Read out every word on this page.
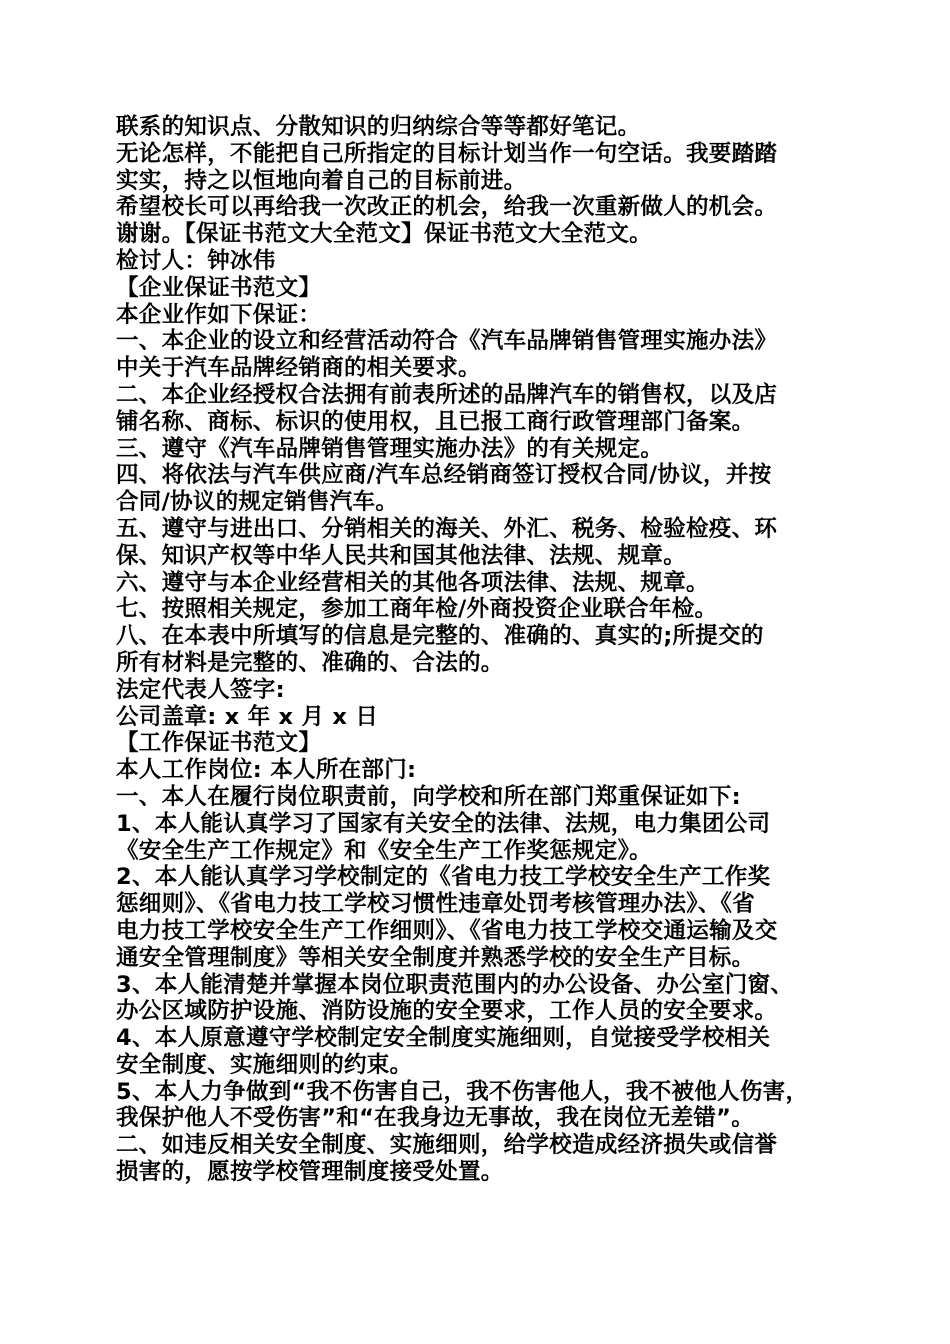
联系的知识点、分散知识的归纳综合等等都好笔记。
无论怎样，不能把自己所指定的目标计划当作一句空话。我要踏踏
实实，持之以恒地向着自己的目标前进。
希望校长可以再给我一次改正的机会，给我一次重新做人的机会。
谢谢。【保证书范文大全范文】保证书范文大全范文。
检讨人：钟冰伟
【企业保证书范文】
本企业作如下保证：
一、本企业的设立和经营活动符合《汽车品牌销售管理实施办法》
中关于汽车品牌经销商的相关要求。
二、本企业经授权合法拥有前表所述的品牌汽车的销售权，以及店
铺名称、商标、标识的使用权，且已报工商行政管理部门备案。
三、遵守《汽车品牌销售管理实施办法》的有关规定。
四、将依法与汽车供应商/汽车总经销商签订授权合同/协议，并按
合同/协议的规定销售汽车。
五、遵守与进出口、分销相关的海关、外汇、税务、检验检疫、环
保、知识产权等中华人民共和国其他法律、法规、规章。
六、遵守与本企业经营相关的其他各项法律、法规、规章。
七、按照相关规定，参加工商年检/外商投资企业联合年检。
八、在本表中所填写的信息是完整的、准确的、真实的;所提交的
所有材料是完整的、准确的、合法的。
法定代表人签字:
公司盖章: x 年 x 月 x 日
【工作保证书范文】
本人工作岗位: 本人所在部门:
一、本人在履行岗位职责前，向学校和所在部门郑重保证如下:
1、本人能认真学习了国家有关安全的法律、法规，电力集团公司
《安全生产工作规定》和《安全生产工作奖惩规定》。
2、本人能认真学习学校制定的《省电力技工学校安全生产工作奖
惩细则》、《省电力技工学校习惯性违章处罚考核管理办法》、《省
电力技工学校安全生产工作细则》、《省电力技工学校交通运输及交
通安全管理制度》等相关安全制度并熟悉学校的安全生产目标。
3、本人能清楚并掌握本岗位职责范围内的办公设备、办公室门窗、
办公区域防护设施、消防设施的安全要求，工作人员的安全要求。
4、本人原意遵守学校制定安全制度实施细则，自觉接受学校相关
安全制度、实施细则的约束。
5、本人力争做到“我不伤害自己，我不伤害他人，我不被他人伤害，
我保护他人不受伤害”和“在我身边无事故，我在岗位无差错”。
二、如违反相关安全制度、实施细则，给学校造成经济损失或信誉
损害的，愿按学校管理制度接受处置。
